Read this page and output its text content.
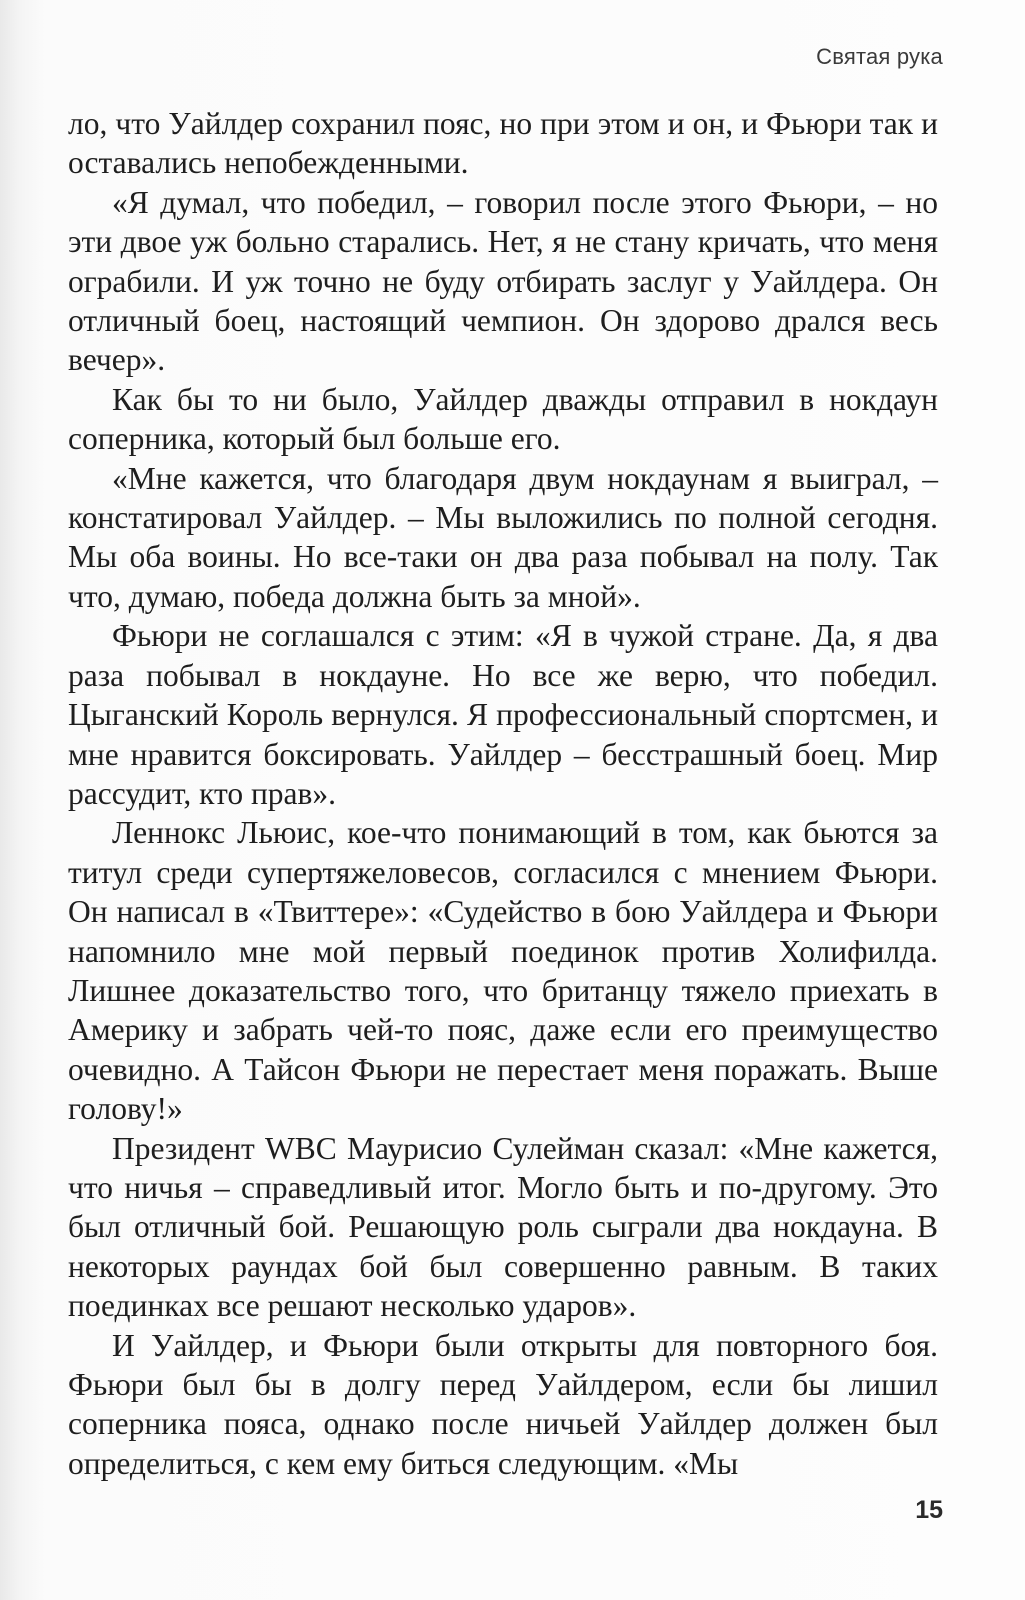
Святая рука

ло, что Уайлдер сохранил пояс, но при этом и он, и Фьюри так и оставались непобежденными.

«Я думал, что победил, – говорил после этого Фьюри, – но эти двое уж больно старались. Нет, я не стану кричать, что меня ограбили. И уж точно не буду отбирать заслуг у Уайлдера. Он отличный боец, настоящий чемпион. Он здорово дрался весь вечер».

Как бы то ни было, Уайлдер дважды отправил в нокдаун соперника, который был больше его.

«Мне кажется, что благодаря двум нокдаунам я выиграл, – констатировал Уайлдер. – Мы выложились по полной сегодня. Мы оба воины. Но все-таки он два раза побывал на полу. Так что, думаю, победа должна быть за мной».

Фьюри не соглашался с этим: «Я в чужой стране. Да, я два раза побывал в нокдауне. Но все же верю, что победил. Цыганский Король вернулся. Я профессиональный спортсмен, и мне нравится боксировать. Уайлдер – бесстрашный боец. Мир рассудит, кто прав».

Леннокс Льюис, кое-что понимающий в том, как бьются за титул среди супертяжеловесов, согласился с мнением Фьюри. Он написал в «Твиттере»: «Судейство в бою Уайлдера и Фьюри напомнило мне мой первый поединок против Холифилда. Лишнее доказательство того, что британцу тяжело приехать в Америку и забрать чей-то пояс, даже если его преимущество очевидно. А Тайсон Фьюри не перестает меня поражать. Выше голову!»

Президент WBC Маурисио Сулейман сказал: «Мне кажется, что ничья – справедливый итог. Могло быть и по-другому. Это был отличный бой. Решающую роль сыграли два нокдауна. В некоторых раундах бой был совершенно равным. В таких поединках все решают несколько ударов».

И Уайлдер, и Фьюри были открыты для повторного боя. Фьюри был бы в долгу перед Уайлдером, если бы лишил соперника пояса, однако после ничьей Уайлдер должен был определиться, с кем ему биться следующим. «Мы

15
